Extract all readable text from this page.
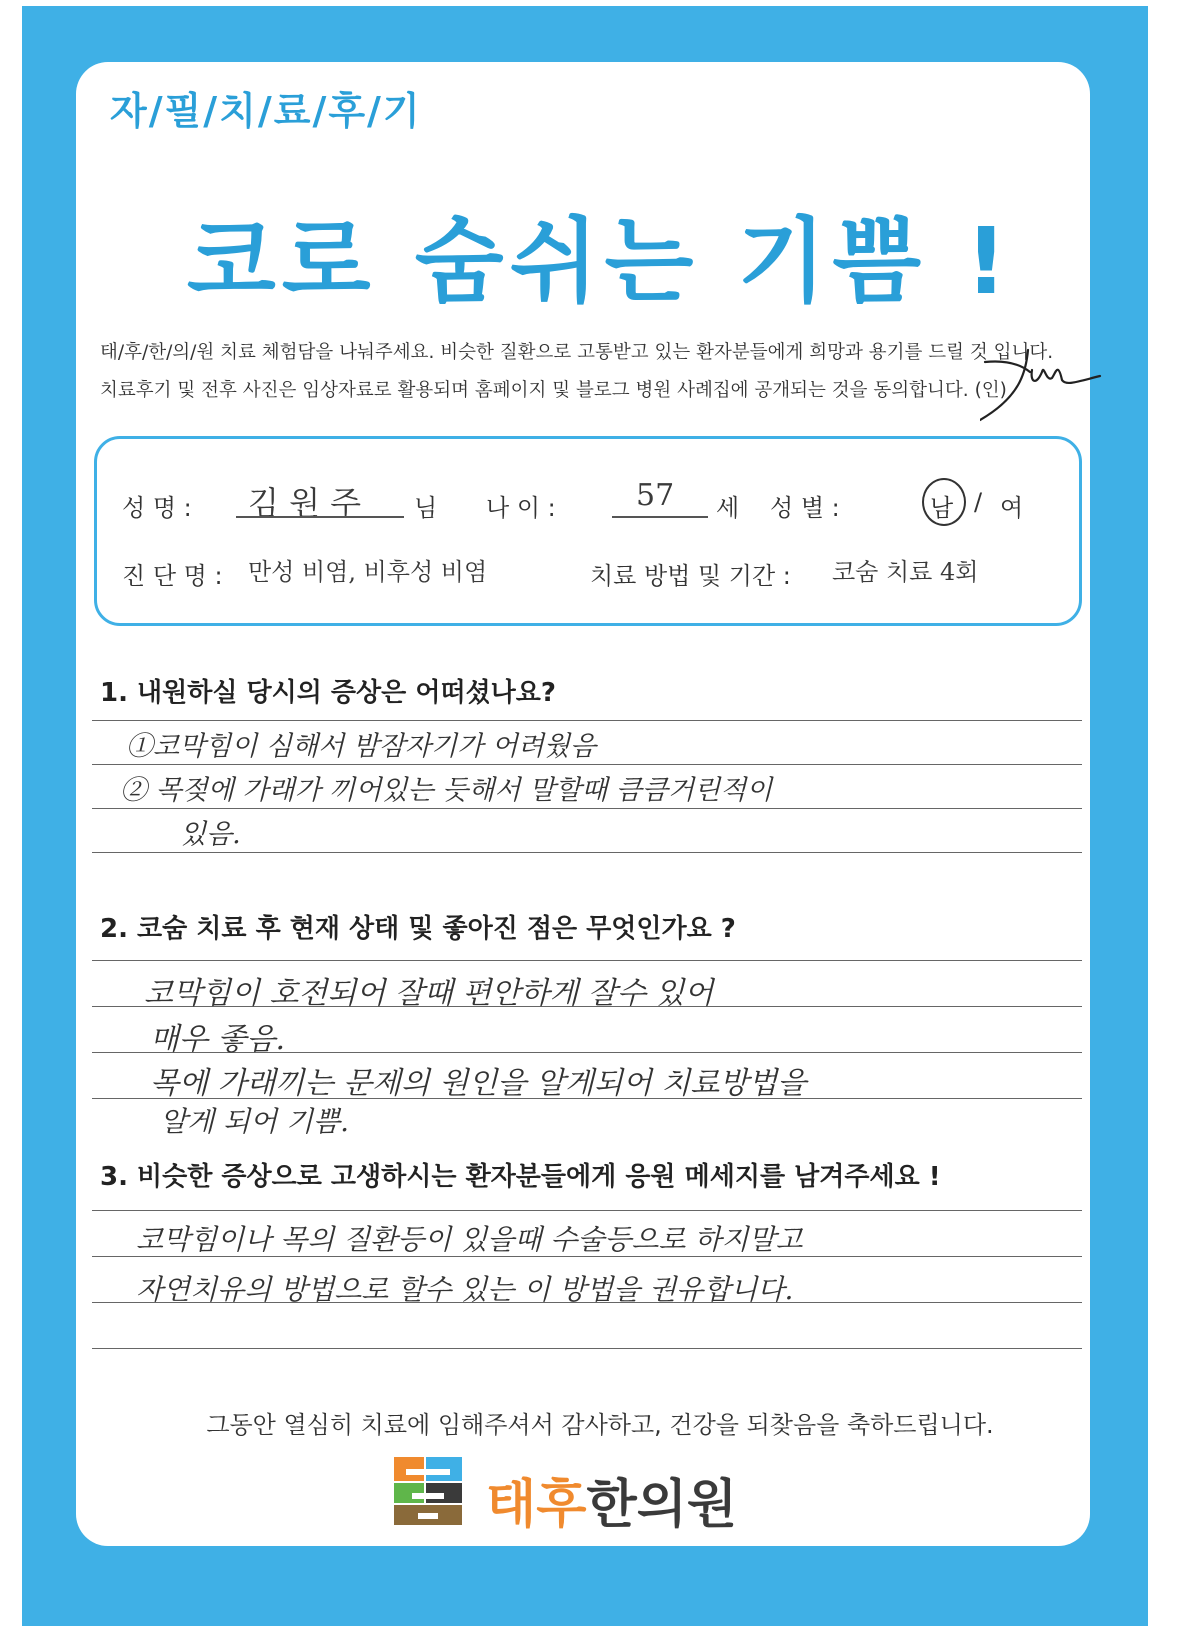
자/필/치/료/후/기
코로 숨쉬는 기쁨 !
태/후/한/의/원 치료 체험담을 나눠주세요. 비슷한 질환으로 고통받고 있는 환자분들에게 희망과 용기를 드릴 것 입니다.
치료후기 및 전후 사진은 임상자료로 활용되며 홈페이지 및 블로그 병원 사례집에 공개되는 것을 동의합니다. (인)
성 명 : 김 원 주 님 나 이 :	57 세 성 별 :	남 / 여
진 단 명 : 만성 비염, 비후성 비염	치료 방법 및 기간 : 코숨 치료 4회
1. 내원하실 당시의 증상은 어떠셨나요?
①코막힘이 심해서 밤잠자기가 어려웠음
② 목젖에 가래가 끼어있는 듯해서 말할때 큼큼거린적이
있음.
2. 코숨 치료 후 현재 상태 및 좋아진 점은 무엇인가요 ?
코막힘이 호전되어 잘때 편안하게 잘수 있어
매우 좋음.
목에 가래끼는 문제의 원인을 알게되어 치료방법을
알게 되어 기쁨.
3. 비슷한 증상으로 고생하시는 환자분들에게 응원 메세지를 남겨주세요 !
코막힘이나 목의 질환등이 있을때 수술등으로 하지말고
자연치유의 방법으로 할수 있는 이 방법을 권유합니다.
그동안 열심히 치료에 임해주셔서 감사하고, 건강을 되찾음을 축하드립니다.
태후한의원
